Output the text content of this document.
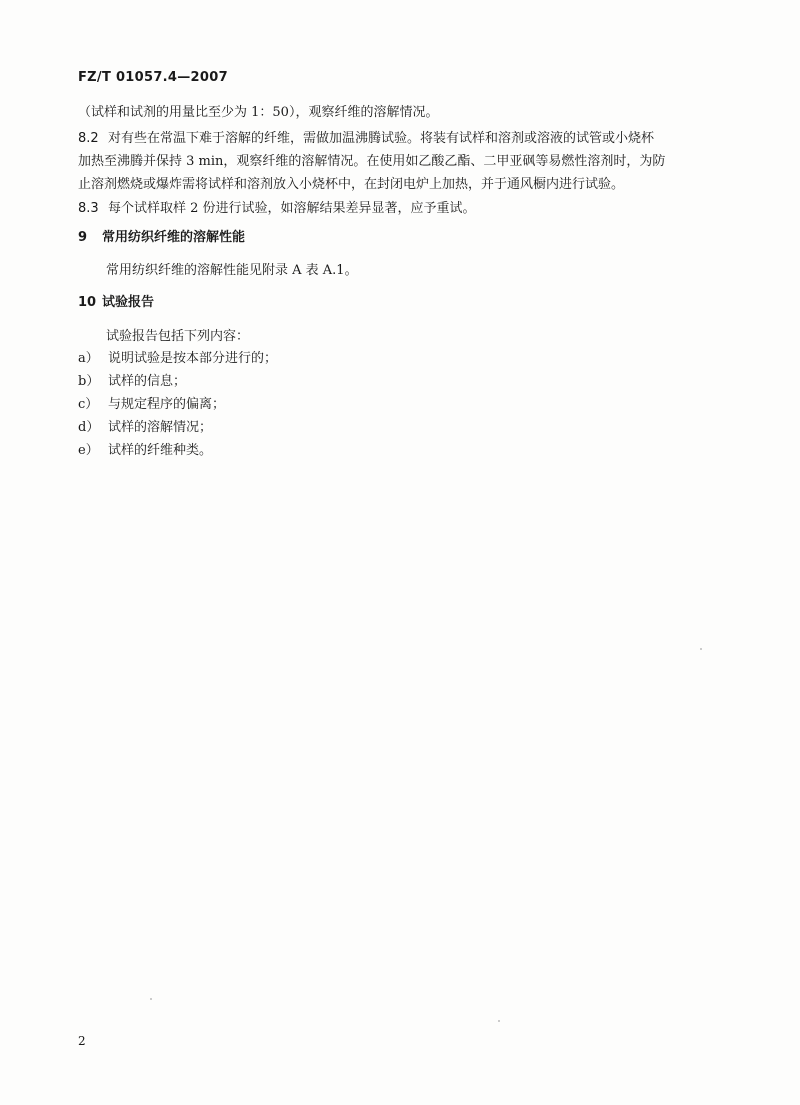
FZ/T 01057.4—2007
（试样和试剂的用量比至少为 1：50），观察纤维的溶解情况。
8.2 对有些在常温下难于溶解的纤维，需做加温沸腾试验。将装有试样和溶剂或溶液的试管或小烧杯
加热至沸腾并保持 3 min，观察纤维的溶解情况。在使用如乙酸乙酯、二甲亚砜等易燃性溶剂时，为防
止溶剂燃烧或爆炸需将试样和溶剂放入小烧杯中，在封闭电炉上加热，并于通风橱内进行试验。
8.3 每个试样取样 2 份进行试验，如溶解结果差异显著，应予重试。
9 常用纺织纤维的溶解性能
常用纺织纤维的溶解性能见附录 A 表 A.1。
10 试验报告
试验报告包括下列内容：
a） 说明试验是按本部分进行的；
b） 试样的信息；
c） 与规定程序的偏离；
d） 试样的溶解情况；
e） 试样的纤维种类。
2
